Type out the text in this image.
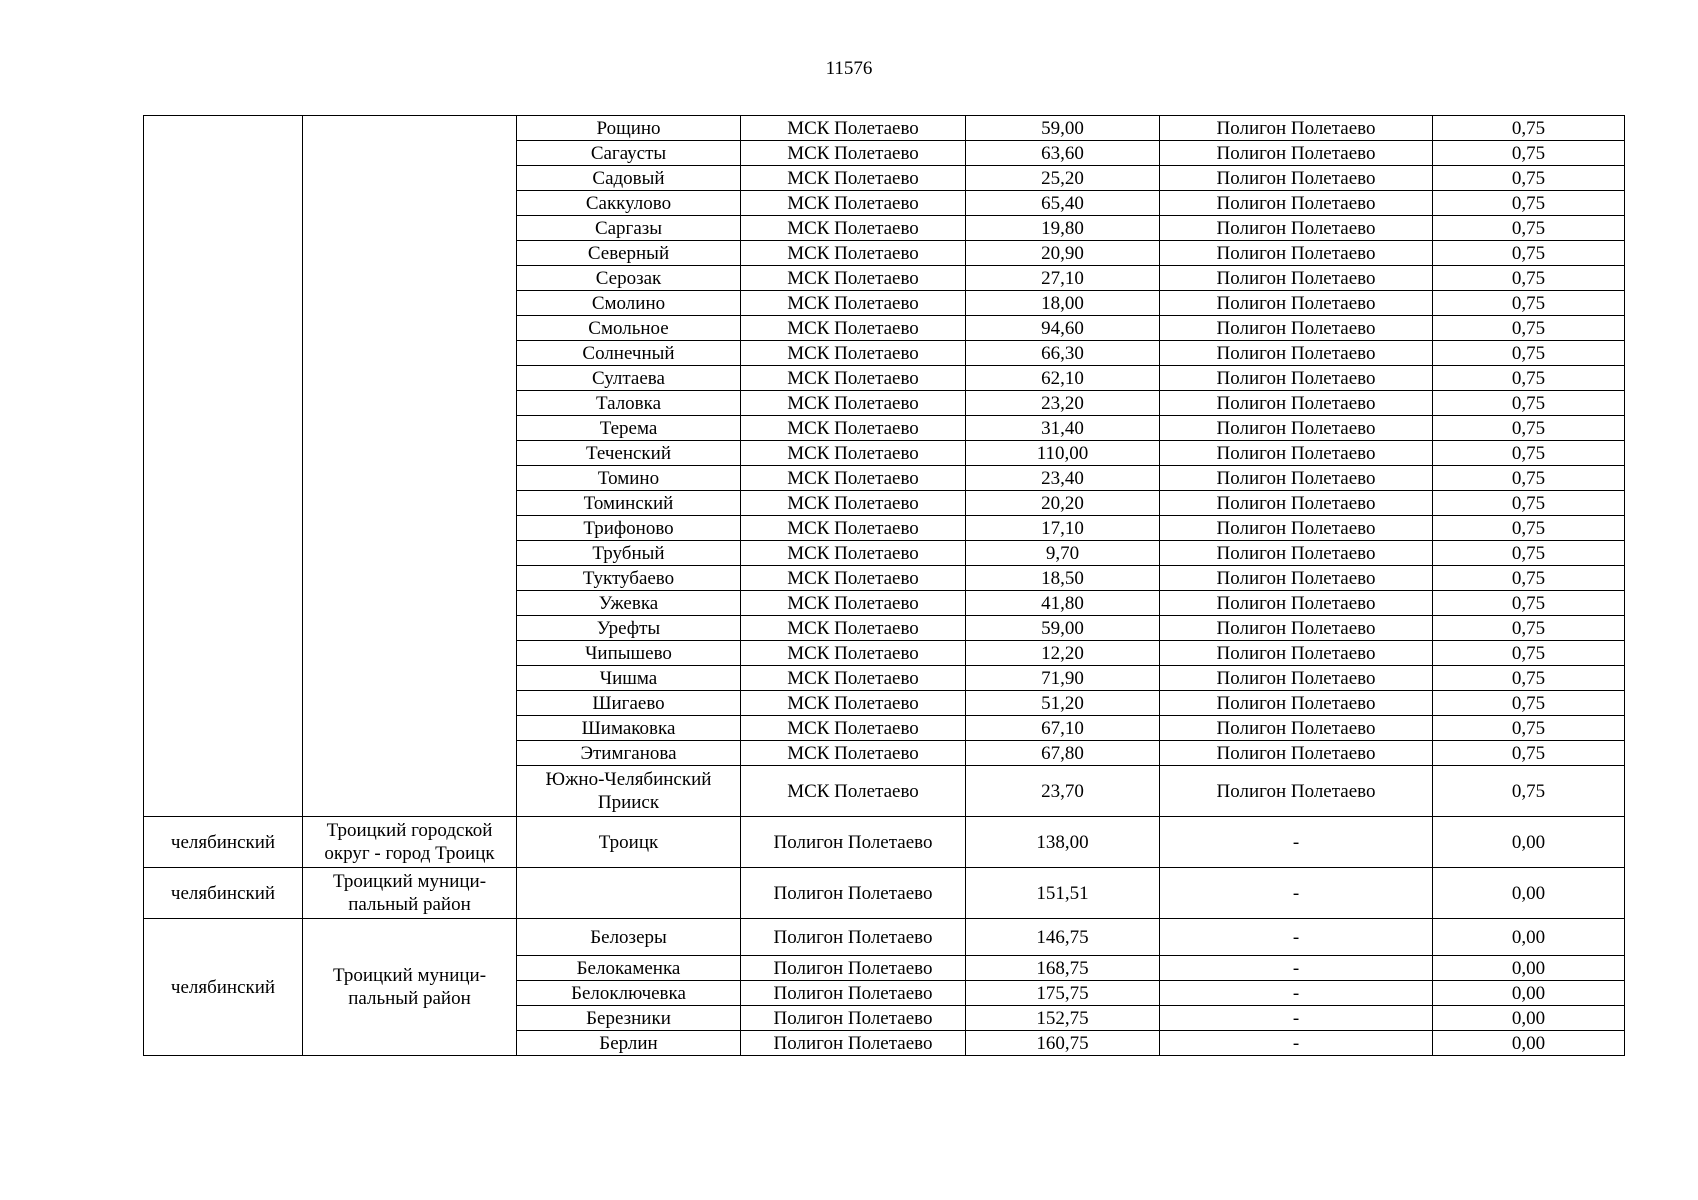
11576
		Рощино	МСК Полетаево	59,00	Полигон Полетаево	0,75
		Сагаусты	МСК Полетаево	63,60	Полигон Полетаево	0,75
		Садовый	МСК Полетаево	25,20	Полигон Полетаево	0,75
		Саккулово	МСК Полетаево	65,40	Полигон Полетаево	0,75
		Саргазы	МСК Полетаево	19,80	Полигон Полетаево	0,75
		Северный	МСК Полетаево	20,90	Полигон Полетаево	0,75
		Серозак	МСК Полетаево	27,10	Полигон Полетаево	0,75
		Смолино	МСК Полетаево	18,00	Полигон Полетаево	0,75
		Смольное	МСК Полетаево	94,60	Полигон Полетаево	0,75
		Солнечный	МСК Полетаево	66,30	Полигон Полетаево	0,75
		Султаева	МСК Полетаево	62,10	Полигон Полетаево	0,75
		Таловка	МСК Полетаево	23,20	Полигон Полетаево	0,75
		Терема	МСК Полетаево	31,40	Полигон Полетаево	0,75
		Теченский	МСК Полетаево	110,00	Полигон Полетаево	0,75
		Томино	МСК Полетаево	23,40	Полигон Полетаево	0,75
		Томинский	МСК Полетаево	20,20	Полигон Полетаево	0,75
		Трифоново	МСК Полетаево	17,10	Полигон Полетаево	0,75
		Трубный	МСК Полетаево	9,70	Полигон Полетаево	0,75
		Туктубаево	МСК Полетаево	18,50	Полигон Полетаево	0,75
		Ужевка	МСК Полетаево	41,80	Полигон Полетаево	0,75
		Урефты	МСК Полетаево	59,00	Полигон Полетаево	0,75
		Чипышево	МСК Полетаево	12,20	Полигон Полетаево	0,75
		Чишма	МСК Полетаево	71,90	Полигон Полетаево	0,75
		Шигаево	МСК Полетаево	51,20	Полигон Полетаево	0,75
		Шимаковка	МСК Полетаево	67,10	Полигон Полетаево	0,75
		Этимганова	МСК Полетаево	67,80	Полигон Полетаево	0,75
		Южно-Челябинский Прииск	МСК Полетаево	23,70	Полигон Полетаево	0,75
челябинский	Троицкий городской округ - город Троицк	Троицк	Полигон Полетаево	138,00	-	0,00
челябинский	Троицкий муници-пальный район		Полигон Полетаево	151,51	-	0,00
челябинский	Троицкий муници-пальный район	Белозеры	Полигон Полетаево	146,75	-	0,00
		Белокаменка	Полигон Полетаево	168,75	-	0,00
		Белоключевка	Полигон Полетаево	175,75	-	0,00
		Березники	Полигон Полетаево	152,75	-	0,00
		Берлин	Полигон Полетаево	160,75	-	0,00
